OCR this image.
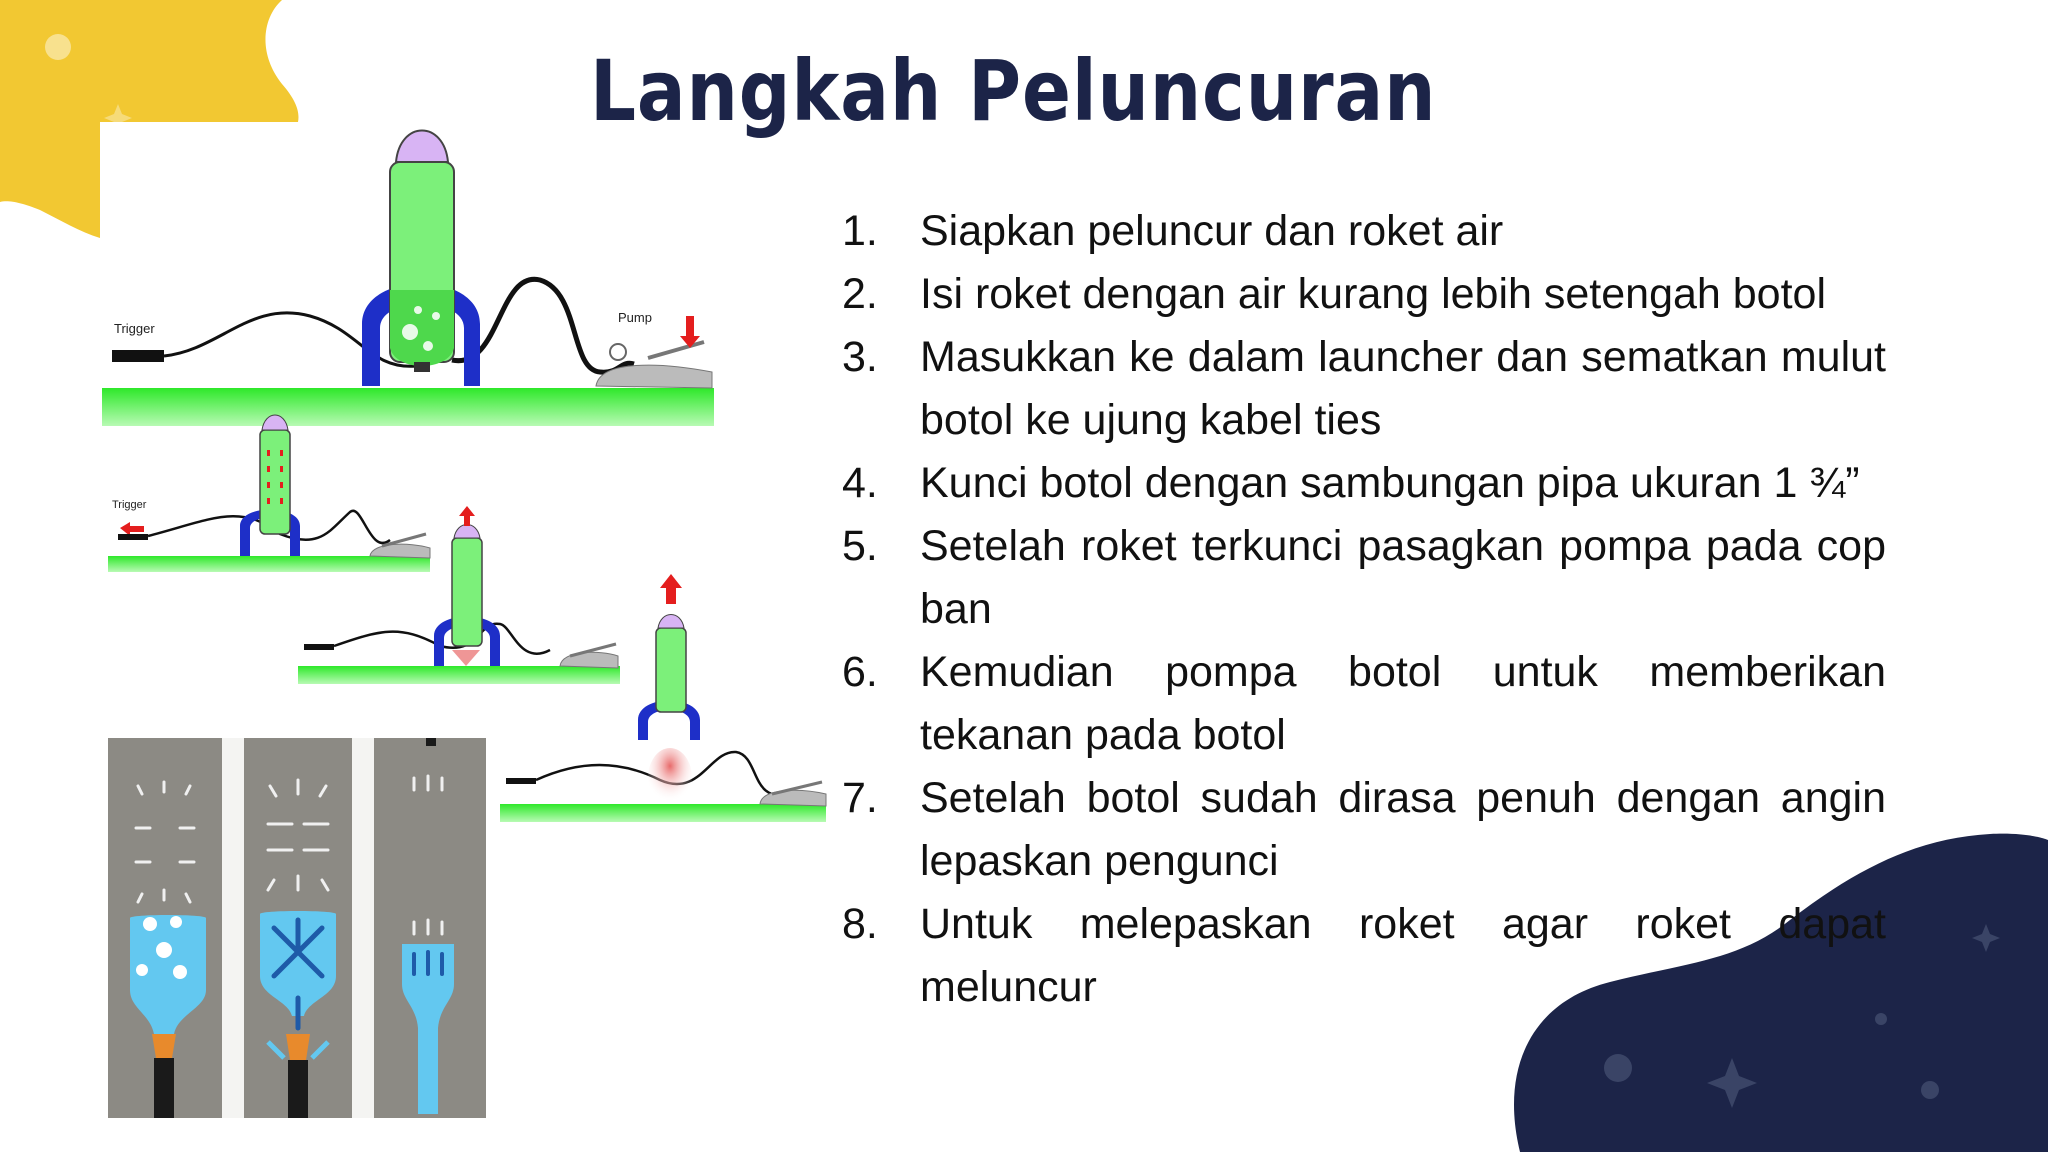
Langkah Peluncuran
Trigger
Pump
Trigger
1. Siapkan peluncur dan roket air
2. Isi roket dengan air kurang lebih setengah botol
3. Masukkan ke dalam launcher dan sematkan mulut botol ke ujung kabel ties
4. Kunci botol dengan sambungan pipa ukuran 1 ¾”
5. Setelah roket terkunci pasagkan pompa pada cop ban
6. Kemudian pompa botol untuk memberikan tekanan pada botol
7. Setelah botol sudah dirasa penuh dengan angin lepaskan pengunci
8. Untuk melepaskan roket agar roket dapat meluncur
